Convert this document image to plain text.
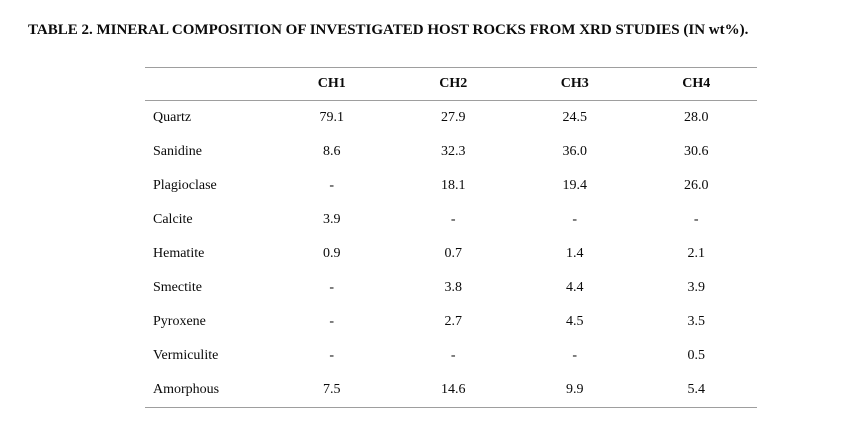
TABLE 2. MINERAL COMPOSITION OF INVESTIGATED HOST ROCKS FROM XRD STUDIES (IN wt%).
	CH1	CH2	CH3	CH4
Quartz	79.1	27.9	24.5	28.0
Sanidine	8.6	32.3	36.0	30.6
Plagioclase	-	18.1	19.4	26.0
Calcite	3.9	-	-	-
Hematite	0.9	0.7	1.4	2.1
Smectite	-	3.8	4.4	3.9
Pyroxene	-	2.7	4.5	3.5
Vermiculite	-	-	-	0.5
Amorphous	7.5	14.6	9.9	5.4
